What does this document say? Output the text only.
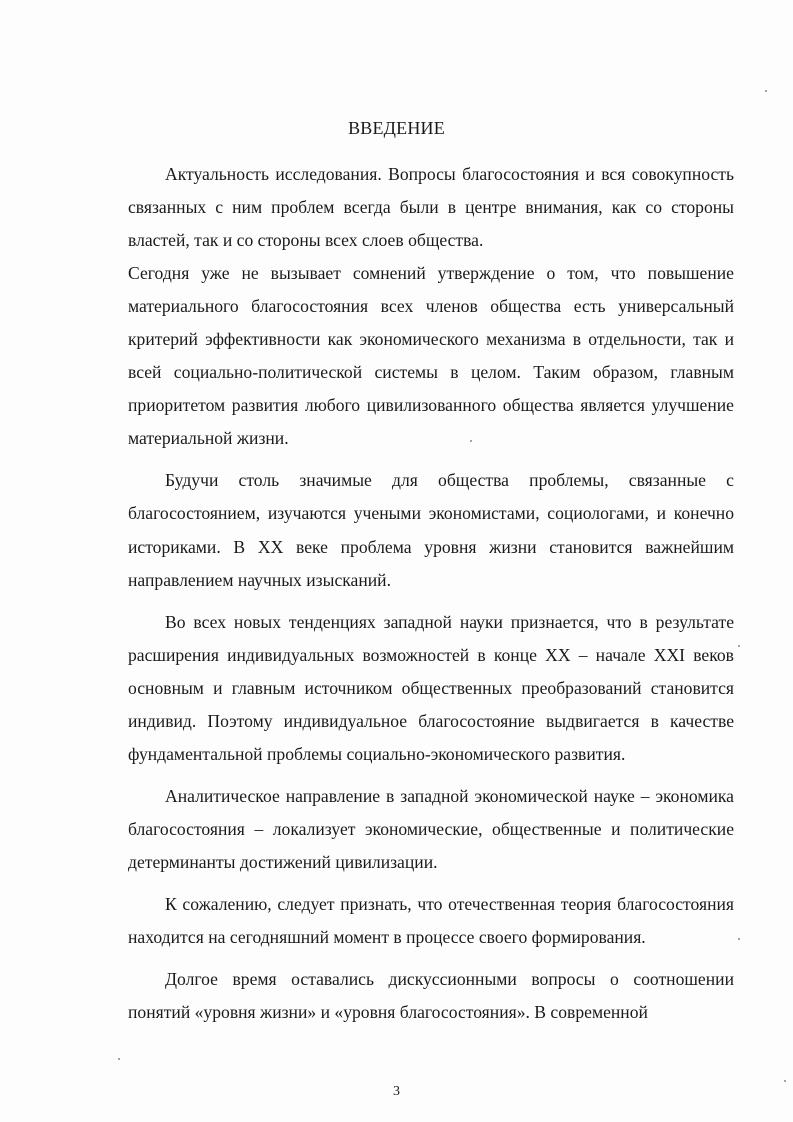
ВВЕДЕНИЕ

Актуальность исследования. Вопросы благосостояния и вся совокупность связанных с ним проблем всегда были в центре внимания, как со стороны властей, так и со стороны всех слоев общества.

Сегодня уже не вызывает сомнений утверждение о том, что повышение материального благосостояния всех членов общества есть универсальный критерий эффективности как экономического механизма в отдельности, так и всей социально-политической системы в целом. Таким образом, главным приоритетом развития любого цивилизованного общества является улучшение материальной жизни.

Будучи столь значимые для общества проблемы, связанные с благосостоянием, изучаются учеными экономистами, социологами, и конечно историками. В XX веке проблема уровня жизни становится важнейшим направлением научных изысканий.

Во всех новых тенденциях западной науки признается, что в результате расширения индивидуальных возможностей в конце XX – начале XXI веков основным и главным источником общественных преобразований становится индивид. Поэтому индивидуальное благосостояние выдвигается в качестве фундаментальной проблемы социально-экономического развития.

Аналитическое направление в западной экономической науке – экономика благосостояния – локализует экономические, общественные и политические детерминанты достижений цивилизации.

К сожалению, следует признать, что отечественная теория благосостояния находится на сегодняшний момент в процессе своего формирования.

Долгое время оставались дискуссионными вопросы о соотношении понятий «уровня жизни» и «уровня благосостояния». В современной

3
